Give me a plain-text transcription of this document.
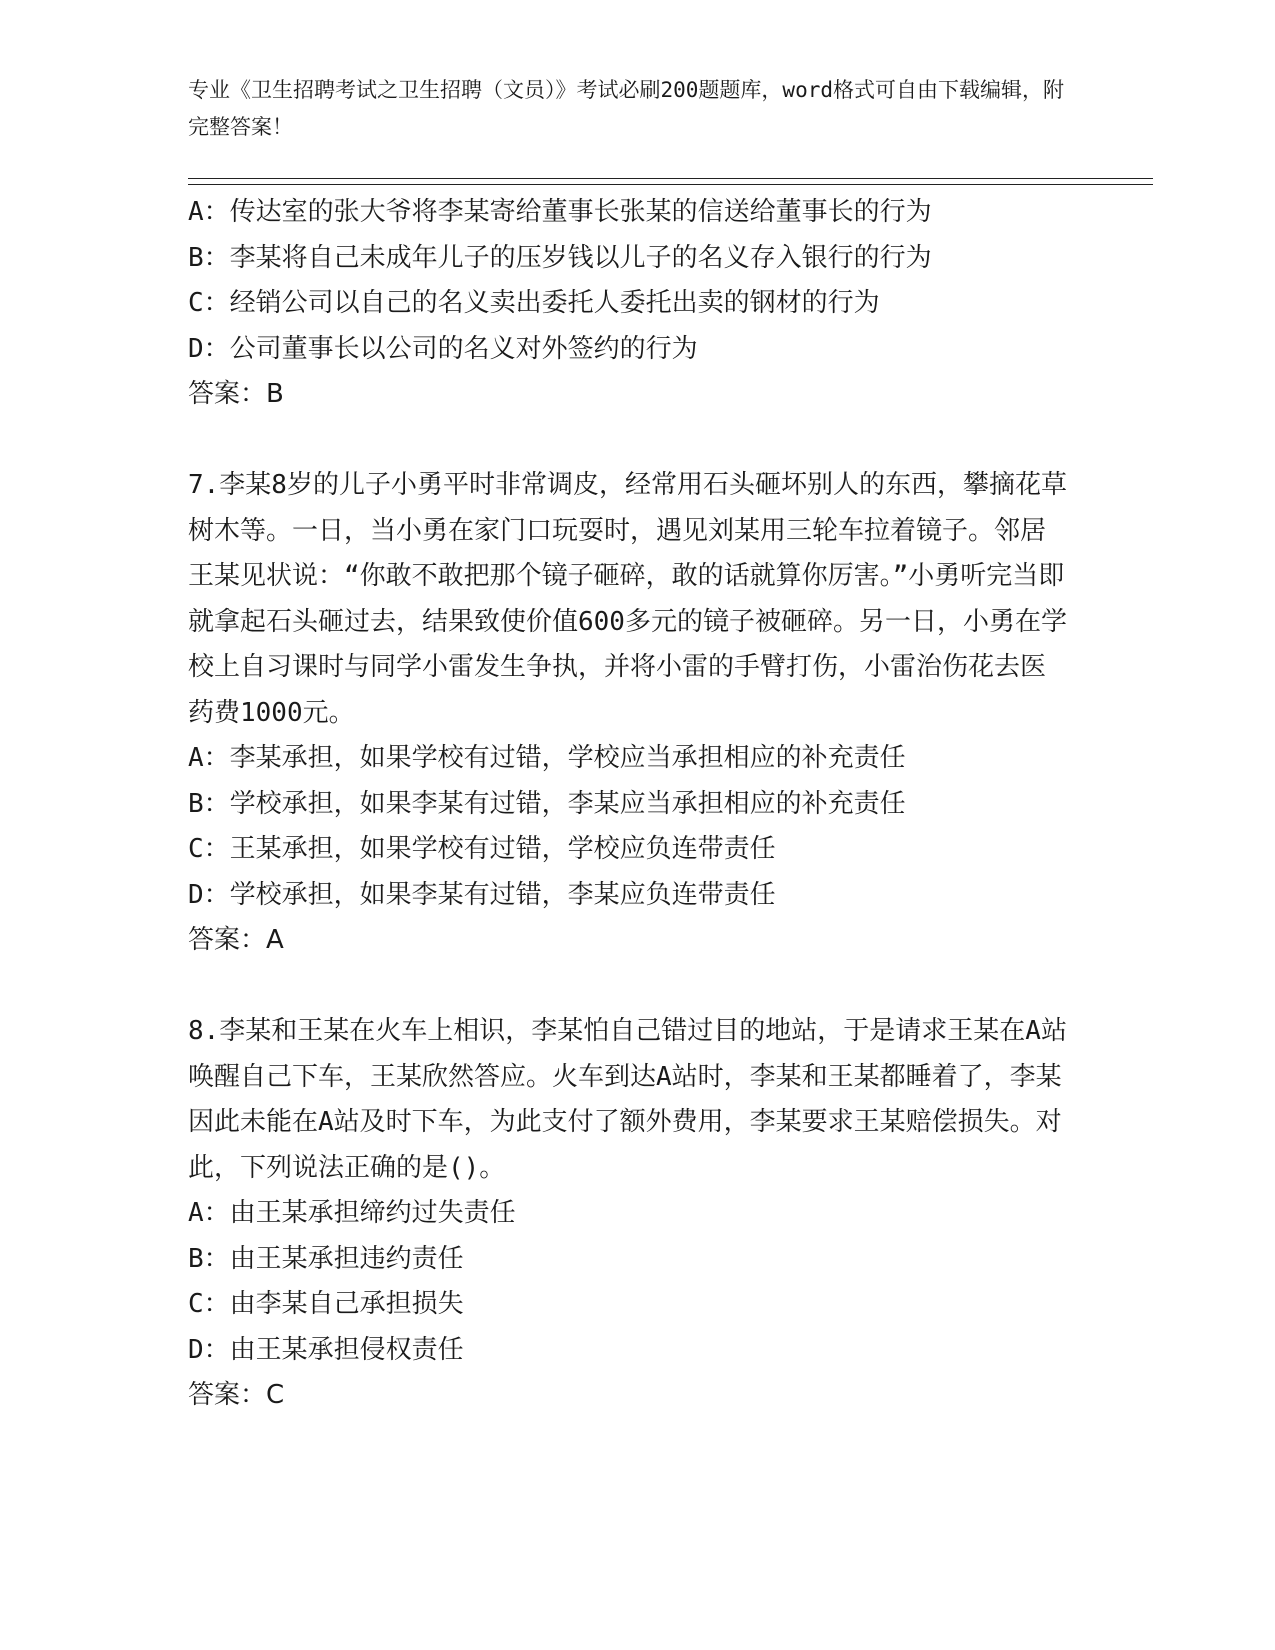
专业《卫生招聘考试之卫生招聘（文员）》考试必刷200题题库，word格式可自由下载编辑，附完整答案！
A：传达室的张大爷将李某寄给董事长张某的信送给董事长的行为
B：李某将自己未成年儿子的压岁钱以儿子的名义存入银行的行为
C：经销公司以自己的名义卖出委托人委托出卖的钢材的行为
D：公司董事长以公司的名义对外签约的行为
答案：B
7.李某8岁的儿子小勇平时非常调皮，经常用石头砸坏别人的东西，攀摘花草树木等。一日，当小勇在家门口玩耍时，遇见刘某用三轮车拉着镜子。邻居王某见状说：“你敢不敢把那个镜子砸碎，敢的话就算你厉害。”小勇听完当即就拿起石头砸过去，结果致使价值600多元的镜子被砸碎。另一日，小勇在学校上自习课时与同学小雷发生争执，并将小雷的手臂打伤，小雷治伤花去医药费1000元。
A：李某承担，如果学校有过错，学校应当承担相应的补充责任
B：学校承担，如果李某有过错，李某应当承担相应的补充责任
C：王某承担，如果学校有过错，学校应负连带责任
D：学校承担，如果李某有过错，李某应负连带责任
答案：A
8.李某和王某在火车上相识，李某怕自己错过目的地站，于是请求王某在A站唤醒自己下车，王某欣然答应。火车到达A站时，李某和王某都睡着了，李某因此未能在A站及时下车，为此支付了额外费用，李某要求王某赔偿损失。对此，下列说法正确的是()。
A：由王某承担缔约过失责任
B：由王某承担违约责任
C：由李某自己承担损失
D：由王某承担侵权责任
答案：C
